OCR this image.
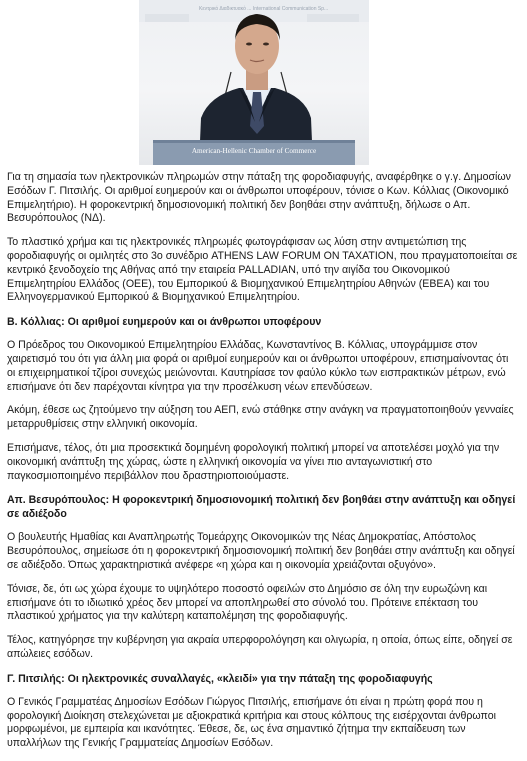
Κεντρικό Διαδικτυακό ... International Communication Sp...
American-Hellenic Chamber of Commerce

Για τη σημασία των ηλεκτρονικών πληρωμών στην πάταξη της φοροδιαφυγής, αναφέρθηκε ο γ.γ. Δημοσίων Εσόδων Γ. Πιτσιλής. Οι αριθμοί ευημερούν και οι άνθρωποι υποφέρουν, τόνισε ο Κων. Κόλλιας (Οικονομικό Επιμελητήριο). Η φοροκεντρική δημοσιονομική πολιτική δεν βοηθάει στην ανάπτυξη, δήλωσε ο Απ. Βεσυρόπουλος (ΝΔ).

Το πλαστικό χρήμα και τις ηλεκτρονικές πληρωμές φωτογράφισαν ως λύση στην αντιμετώπιση της φοροδιαφυγής οι ομιλητές στο 3ο συνέδριο ATHENS LAW FORUM ON TAXATION, που πραγματοποιείται σε κεντρικό ξενοδοχείο της Αθήνας από την εταιρεία PALLADIAN, υπό την αιγίδα του Οικονομικού Επιμελητηρίου Ελλάδος (ΟΕΕ), του Εμπορικού & Βιομηχανικού Επιμελητηρίου Αθηνών (ΕΒΕΑ) και του Ελληνογερμανικού Εμπορικού & Βιομηχανικού Επιμελητηρίου.

Β. Κόλλιας: Οι αριθμοί ευημερούν και οι άνθρωποι υποφέρουν

Ο Πρόεδρος του Οικονομικού Επιμελητηρίου Ελλάδας, Κωνσταντίνος Β. Κόλλιας, υπογράμμισε στον χαιρετισμό του ότι για άλλη μια φορά οι αριθμοί ευημερούν και οι άνθρωποι υποφέρουν, επισημαίνοντας ότι οι επιχειρηματικοί τζίροι συνεχώς μειώνονται. Καυτηρίασε τον φαύλο κύκλο των εισπρακτικών μέτρων, ενώ επισήμανε ότι δεν παρέχονται κίνητρα για την προσέλκυση νέων επενδύσεων.

Ακόμη, έθεσε ως ζητούμενο την αύξηση του ΑΕΠ, ενώ στάθηκε στην ανάγκη να πραγματοποιηθούν γενναίες μεταρρυθμίσεις στην ελληνική οικονομία.

Επισήμανε, τέλος, ότι μια προσεκτικά δομημένη φορολογική πολιτική μπορεί να αποτελέσει μοχλό για την οικονομική ανάπτυξη της χώρας, ώστε η ελληνική οικονομία να γίνει πιο ανταγωνιστική στο παγκοσμιοποιημένο περιβάλλον που δραστηριοποιούμαστε.

Απ. Βεσυρόπουλος: Η φοροκεντρική δημοσιονομική πολιτική δεν βοηθάει στην ανάπτυξη και οδηγεί σε αδιέξοδο

Ο βουλευτής Ημαθίας και Αναπληρωτής Τομεάρχης Οικονομικών της Νέας Δημοκρατίας, Απόστολος Βεσυρόπουλος, σημείωσε ότι η φοροκεντρική δημοσιονομική πολιτική δεν βοηθάει στην ανάπτυξη και οδηγεί σε αδιέξοδο. Όπως χαρακτηριστικά ανέφερε «η χώρα και η οικονομία χρειάζονται οξυγόνο».

Τόνισε, δε, ότι ως χώρα έχουμε το υψηλότερο ποσοστό οφειλών στο Δημόσιο σε όλη την ευρωζώνη και επισήμανε ότι το ιδιωτικό χρέος δεν μπορεί να αποπληρωθεί στο σύνολό του. Πρότεινε επέκταση του πλαστικού χρήματος για την καλύτερη καταπολέμηση της φοροδιαφυγής.

Τέλος, κατηγόρησε την κυβέρνηση για ακραία υπερφορολόγηση και ολιγωρία, η οποία, όπως είπε, οδηγεί σε απώλειες εσόδων.

Γ. Πιτσιλής: Οι ηλεκτρονικές συναλλαγές, «κλειδί» για την πάταξη της φοροδιαφυγής

Ο Γενικός Γραμματέας Δημοσίων Εσόδων Γιώργος Πιτσιλής, επισήμανε ότι είναι η πρώτη φορά που η φορολογική Διοίκηση στελεχώνεται με αξιοκρατικά κριτήρια και στους κόλπους της εισέρχονται άνθρωποι μορφωμένοι, με εμπειρία και ικανότητες. Έθεσε, δε, ως ένα σημαντικό ζήτημα την εκπαίδευση των υπαλλήλων της Γενικής Γραμματείας Δημοσίων Εσόδων.
